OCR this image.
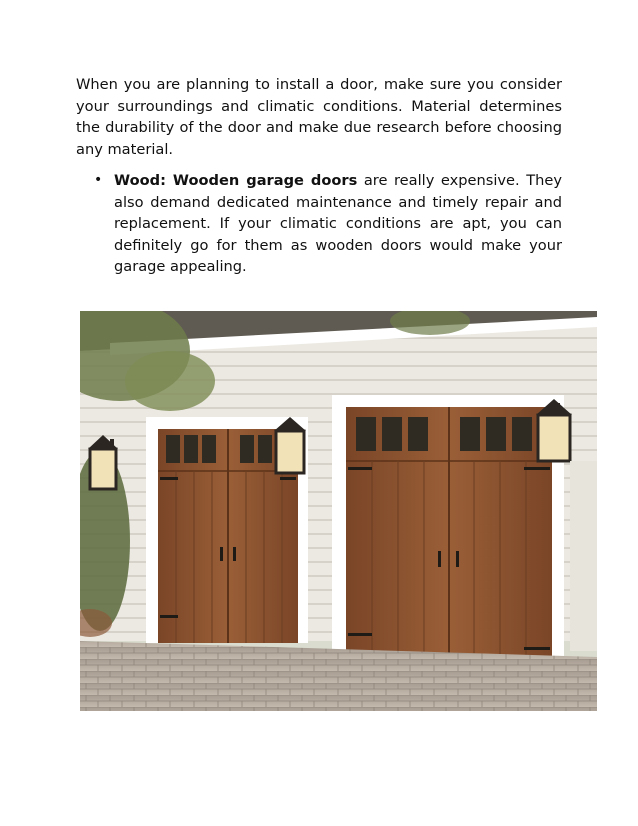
When you are planning to install a door, make sure you consider your surroundings and climatic conditions. Material determines the durability of the door and make due research before choosing any material.

• Wood: Wooden garage doors are really expensive. They also demand dedicated maintenance and timely repair and replacement. If your climatic conditions are apt, you can definitely go for them as wooden doors would make your garage appealing.
